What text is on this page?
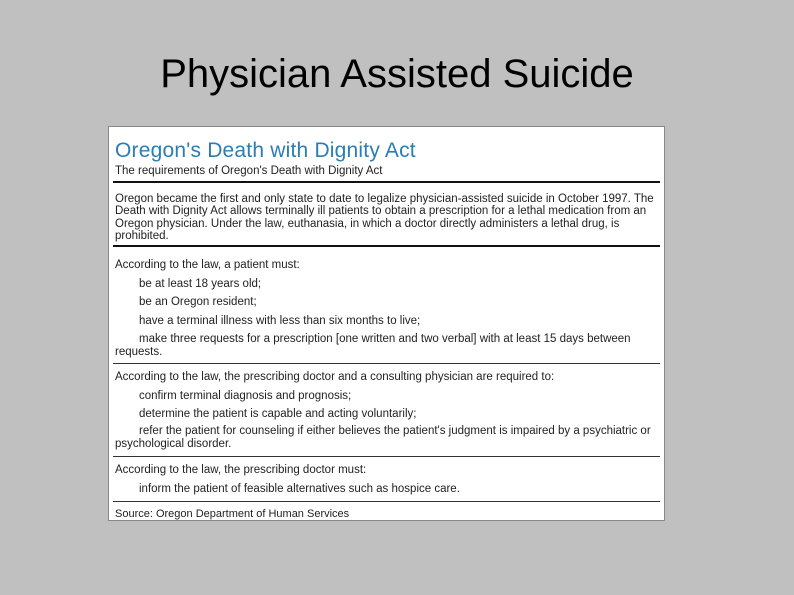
Physician Assisted Suicide
Oregon's Death with Dignity Act
The requirements of Oregon's Death with Dignity Act
Oregon became the first and only state to date to legalize physician-assisted suicide in October 1997. The Death with Dignity Act allows terminally ill patients to obtain a prescription for a lethal medication from an Oregon physician. Under the law, euthanasia, in which a doctor directly administers a lethal drug, is prohibited.
According to the law, a patient must:
be at least 18 years old;
be an Oregon resident;
have a terminal illness with less than six months to live;
make three requests for a prescription [one written and two verbal] with at least 15 days between requests.
According to the law, the prescribing doctor and a consulting physician are required to:
confirm terminal diagnosis and prognosis;
determine the patient is capable and acting voluntarily;
refer the patient for counseling if either believes the patient's judgment is impaired by a psychiatric or psychological disorder.
According to the law, the prescribing doctor must:
inform the patient of feasible alternatives such as hospice care.
Source: Oregon Department of Human Services
